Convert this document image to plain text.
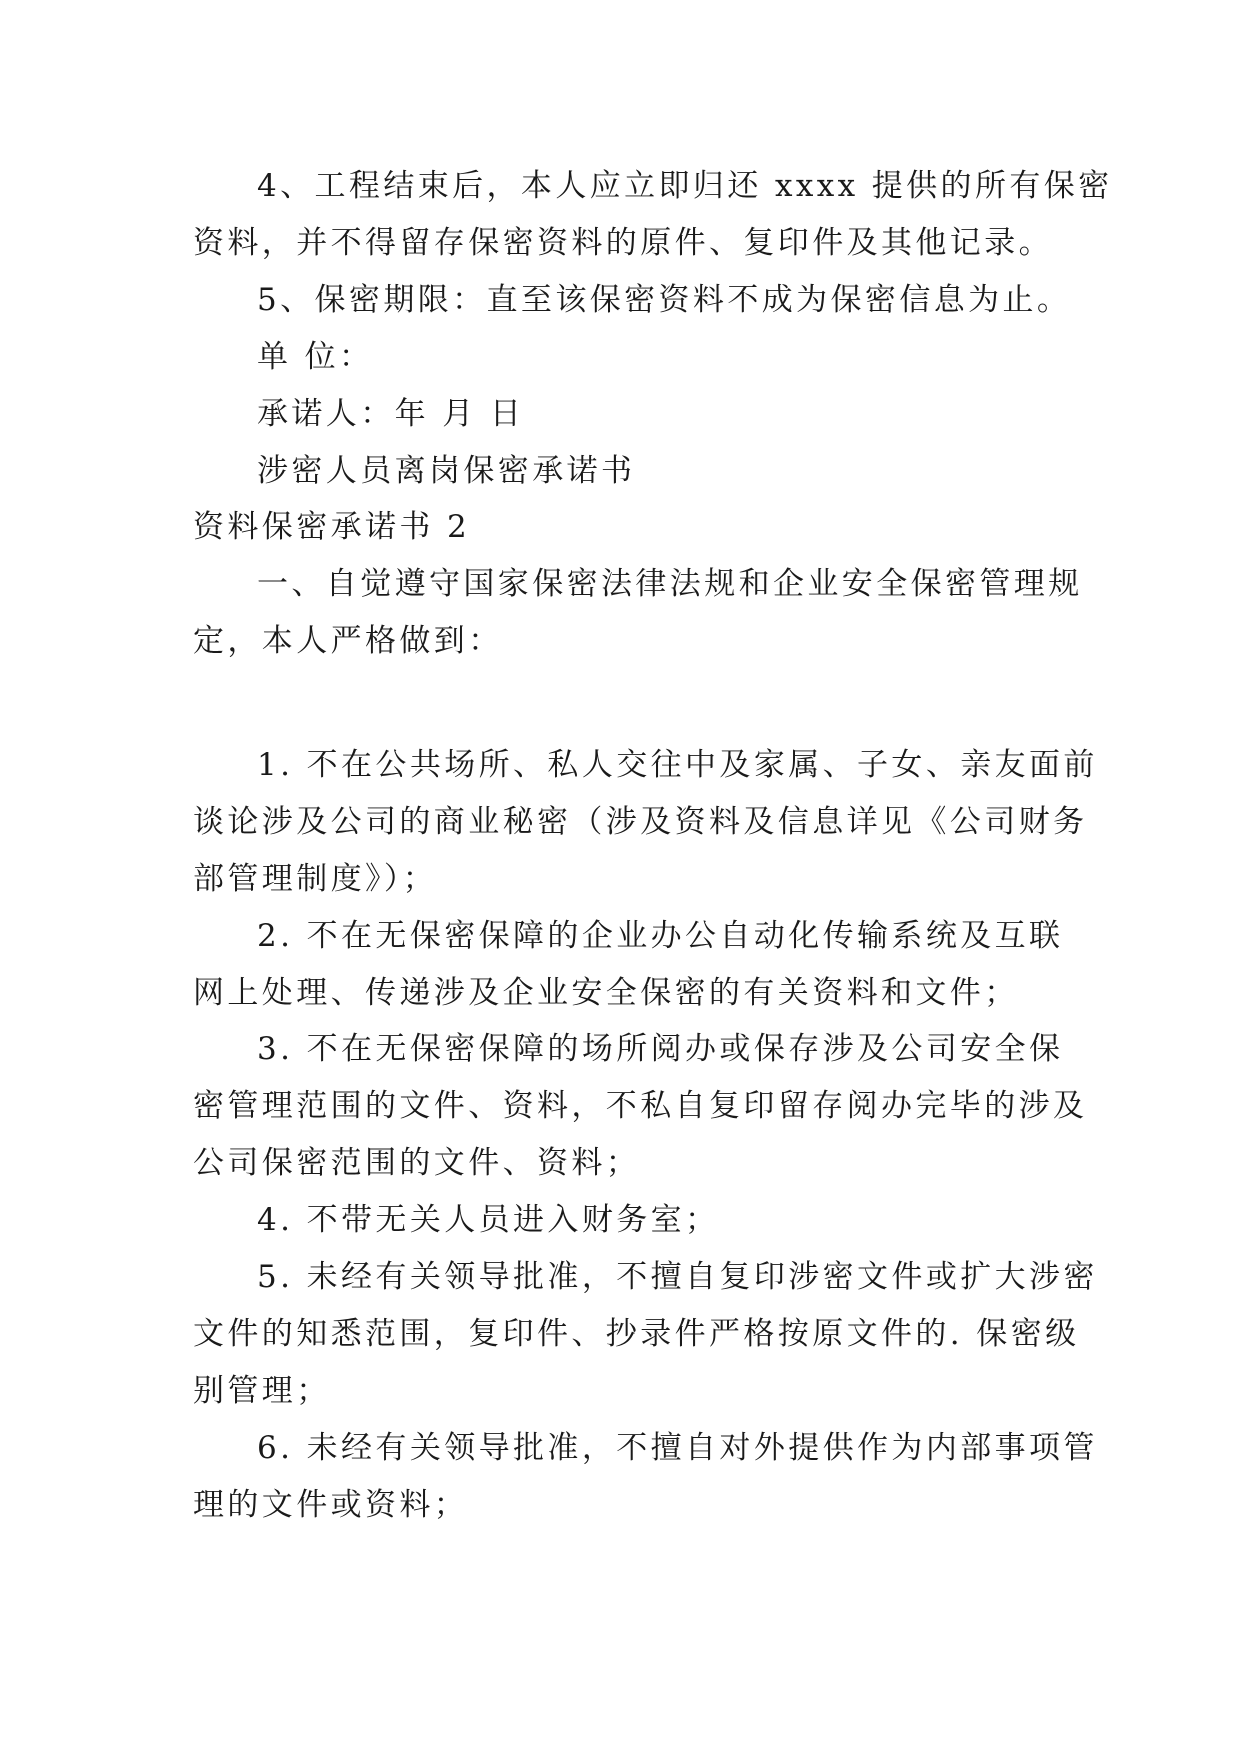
4、工程结束后，本人应立即归还 xxxx 提供的所有保密
资料，并不得留存保密资料的原件、复印件及其他记录。
5、保密期限：直至该保密资料不成为保密信息为止。
单 位：
承诺人：年 月 日
涉密人员离岗保密承诺书
资料保密承诺书 2
一、自觉遵守国家保密法律法规和企业安全保密管理规
定，本人严格做到：
1. 不在公共场所、私人交往中及家属、子女、亲友面前
谈论涉及公司的商业秘密（涉及资料及信息详见《公司财务
部管理制度》）；
2. 不在无保密保障的企业办公自动化传输系统及互联
网上处理、传递涉及企业安全保密的有关资料和文件；
3. 不在无保密保障的场所阅办或保存涉及公司安全保
密管理范围的文件、资料，不私自复印留存阅办完毕的涉及
公司保密范围的文件、资料；
4. 不带无关人员进入财务室；
5. 未经有关领导批准，不擅自复印涉密文件或扩大涉密
文件的知悉范围，复印件、抄录件严格按原文件的. 保密级
别管理；
6. 未经有关领导批准，不擅自对外提供作为内部事项管
理的文件或资料；
